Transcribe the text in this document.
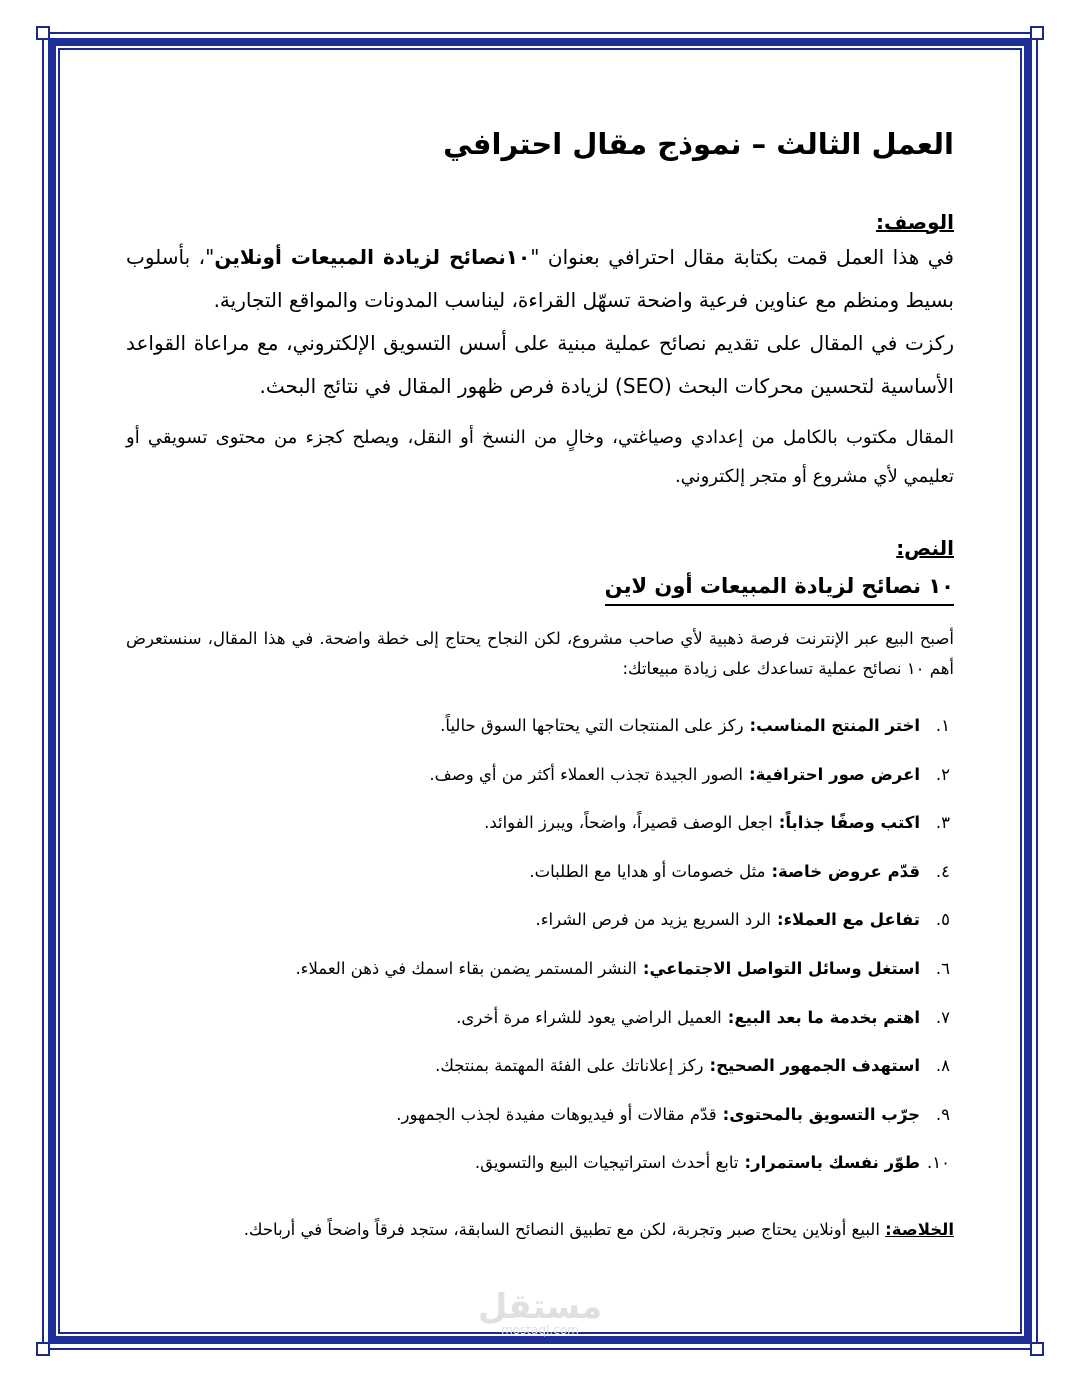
العمل الثالث – نموذج مقال احترافي

الوصف:

في هذا العمل قمت بكتابة مقال احترافي بعنوان "١٠نصائح لزيادة المبيعات أونلاين"، بأسلوب بسيط ومنظم مع عناوين فرعية واضحة تسهّل القراءة، ليناسب المدونات والمواقع التجارية.

ركزت في المقال على تقديم نصائح عملية مبنية على أسس التسويق الإلكتروني، مع مراعاة القواعد الأساسية لتحسين محركات البحث (SEO) لزيادة فرص ظهور المقال في نتائج البحث.

المقال مكتوب بالكامل من إعدادي وصياغتي، وخالٍ من النسخ أو النقل، ويصلح كجزء من محتوى تسويقي أو تعليمي لأي مشروع أو متجر إلكتروني.

النص:

١٠ نصائح لزيادة المبيعات أون لاين

أصبح البيع عبر الإنترنت فرصة ذهبية لأي صاحب مشروع، لكن النجاح يحتاج إلى خطة واضحة. في هذا المقال، سنستعرض أهم ١٠ نصائح عملية تساعدك على زيادة مبيعاتك:

١.
اختر المنتج المناسب:
ركز على المنتجات التي يحتاجها السوق حالياً.
٢.
اعرض صور احترافية:
الصور الجيدة تجذب العملاء أكثر من أي وصف.
٣.
اكتب وصفًا جذاباً:
اجعل الوصف قصيراً، واضحاً، ويبرز الفوائد.
٤.
قدّم عروض خاصة:
مثل خصومات أو هدايا مع الطلبات.
٥.
تفاعل مع العملاء:
الرد السريع يزيد من فرص الشراء.
٦.
استغل وسائل التواصل الاجتماعي:
النشر المستمر يضمن بقاء اسمك في ذهن العملاء.
٧.
اهتم بخدمة ما بعد البيع:
العميل الراضي يعود للشراء مرة أخرى.
٨.
استهدف الجمهور الصحيح:
ركز إعلاناتك على الفئة المهتمة بمنتجك.
٩.
جرّب التسويق بالمحتوى:
قدّم مقالات أو فيديوهات مفيدة لجذب الجمهور.
١٠.
طوّر نفسك باستمرار:
تابع أحدث استراتيجيات البيع والتسويق.

الخلاصة: البيع أونلاين يحتاج صبر وتجربة، لكن مع تطبيق النصائح السابقة، ستجد فرقاً واضحاً في أرباحك.

مستقل
mostaql.com
